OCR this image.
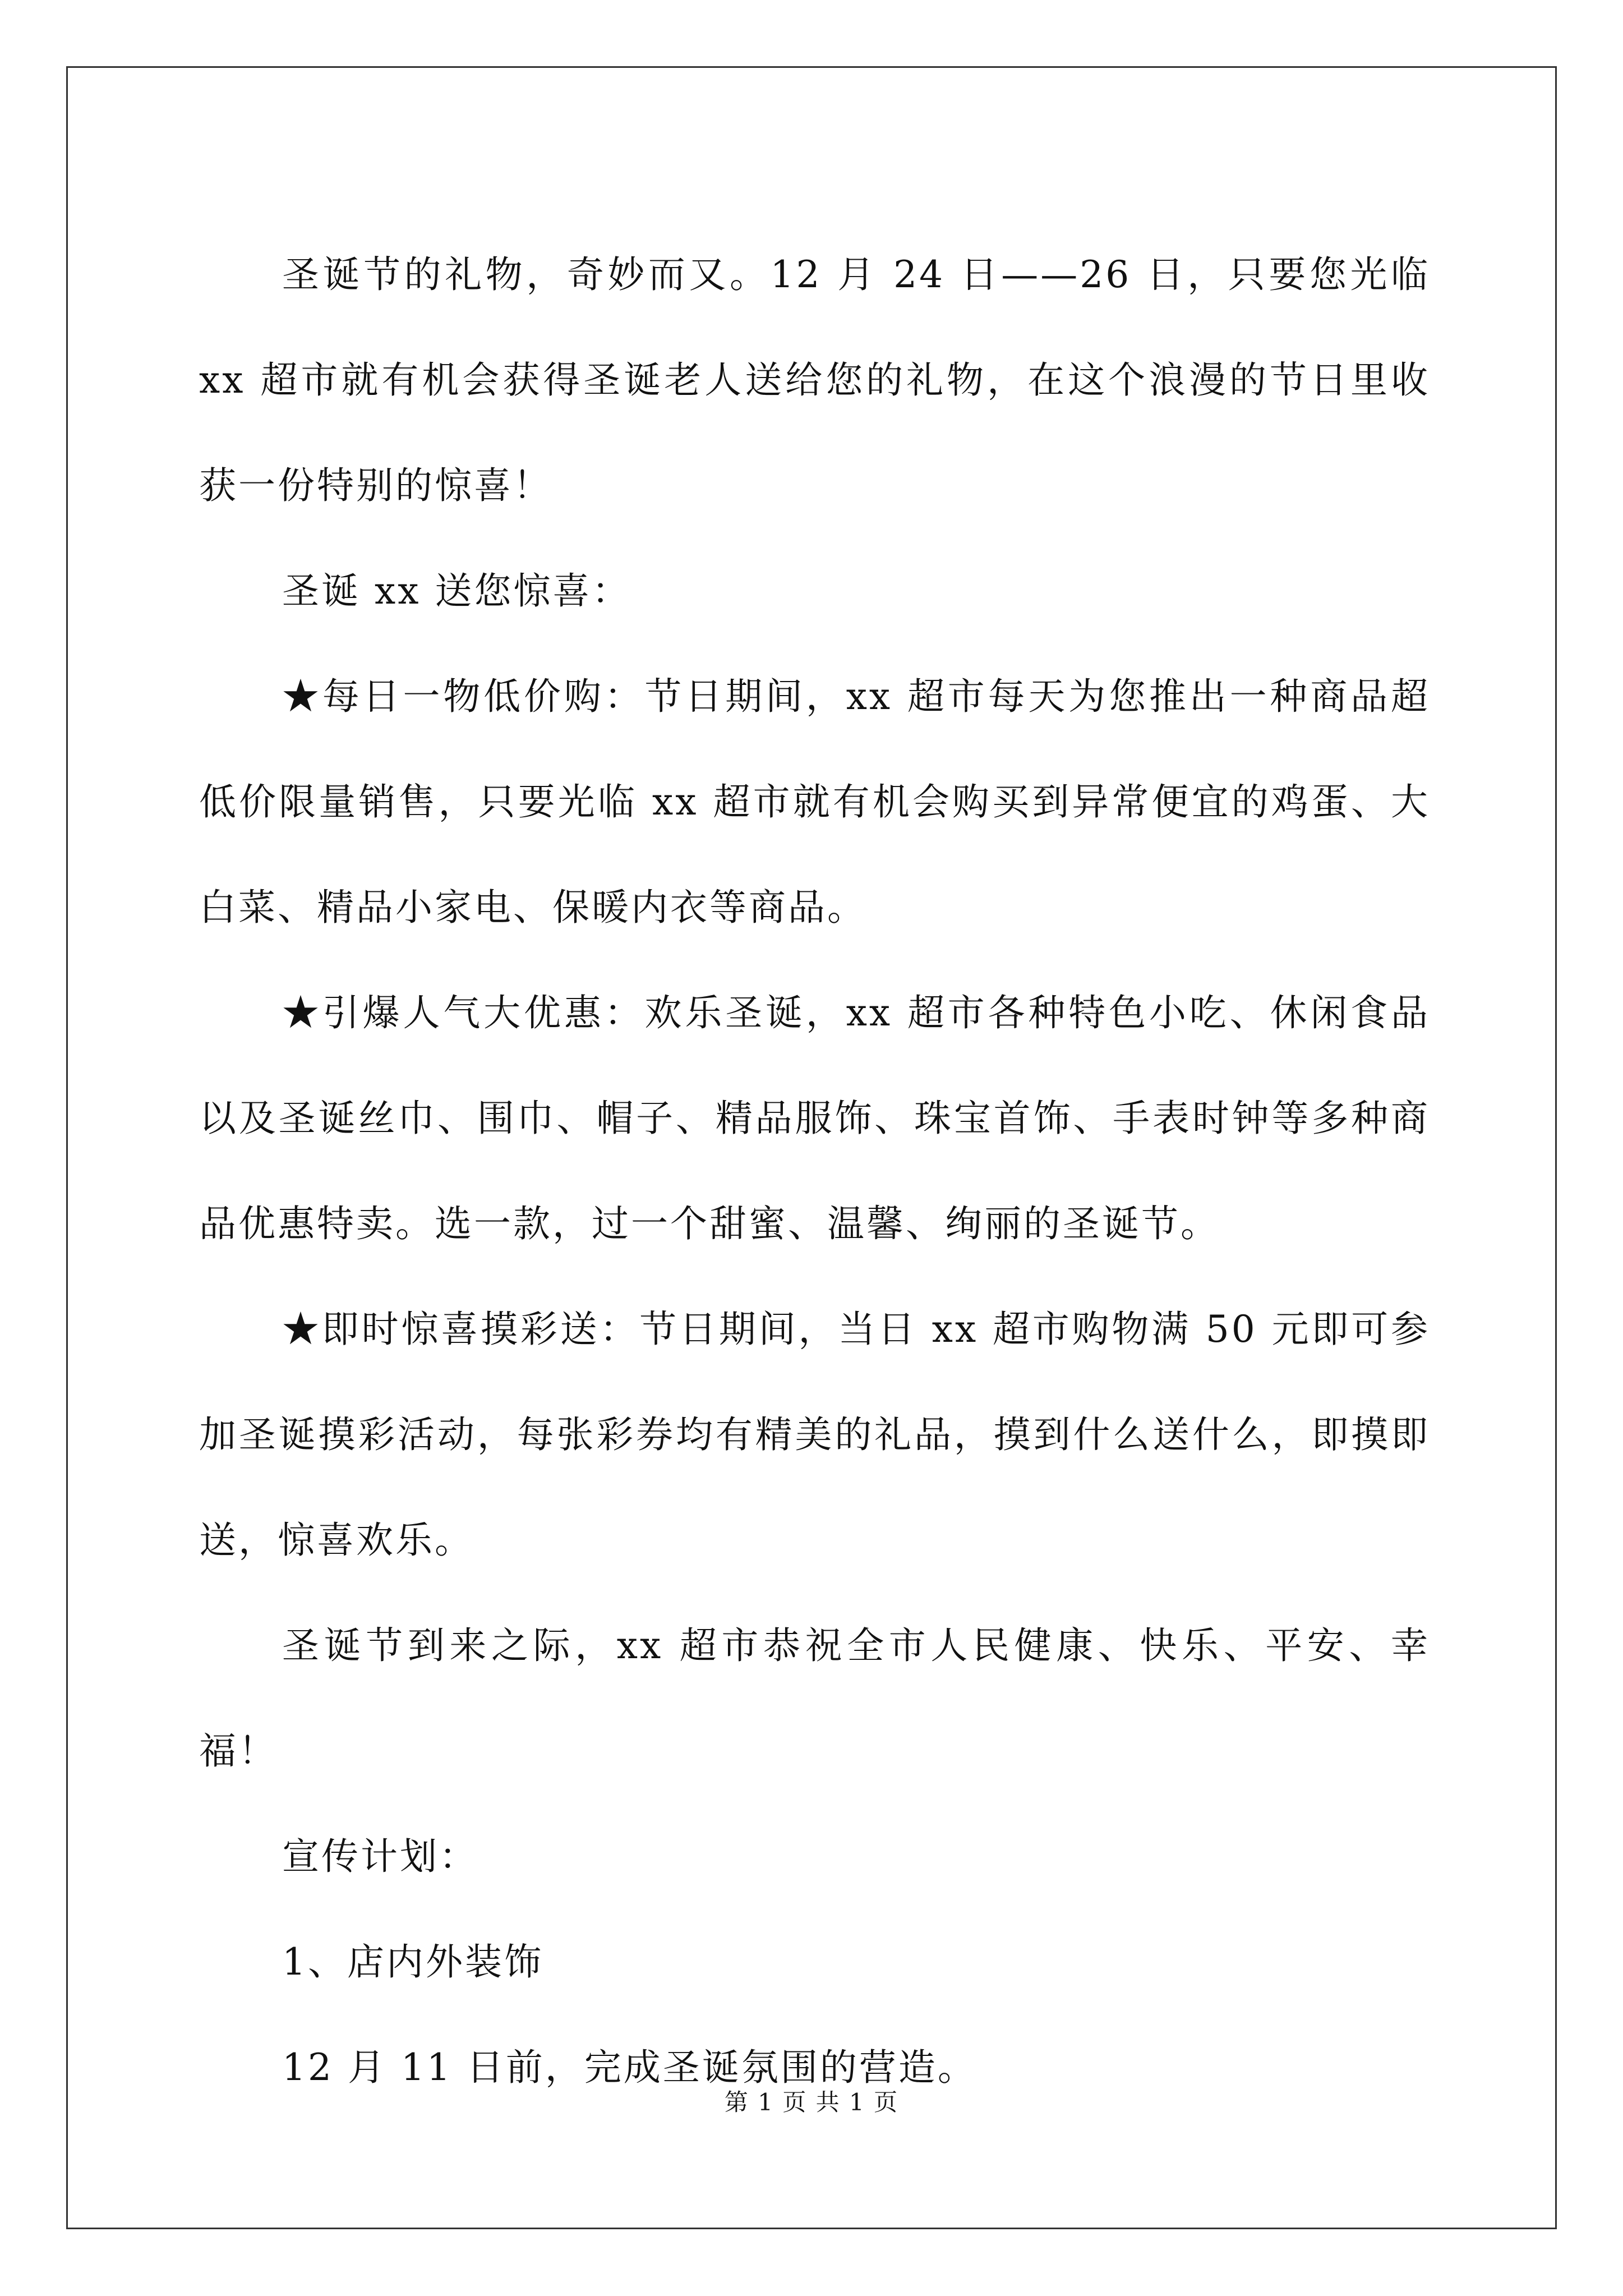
圣诞节的礼物，奇妙而又。12 月 24 日——26 日，只要您光临 xx 超市就有机会获得圣诞老人送给您的礼物，在这个浪漫的节日里收获一份特别的惊喜！

圣诞 xx 送您惊喜：

★每日一物低价购：节日期间，xx 超市每天为您推出一种商品超低价限量销售，只要光临 xx 超市就有机会购买到异常便宜的鸡蛋、大白菜、精品小家电、保暖内衣等商品。

★引爆人气大优惠：欢乐圣诞，xx 超市各种特色小吃、休闲食品以及圣诞丝巾、围巾、帽子、精品服饰、珠宝首饰、手表时钟等多种商品优惠特卖。选一款，过一个甜蜜、温馨、绚丽的圣诞节。

★即时惊喜摸彩送：节日期间，当日 xx 超市购物满 50 元即可参加圣诞摸彩活动，每张彩券均有精美的礼品，摸到什么送什么，即摸即送，惊喜欢乐。

圣诞节到来之际，xx 超市恭祝全市人民健康、快乐、平安、幸福！

宣传计划：

1、店内外装饰

12 月 11 日前，完成圣诞氛围的营造。

第 1 页 共 1 页
